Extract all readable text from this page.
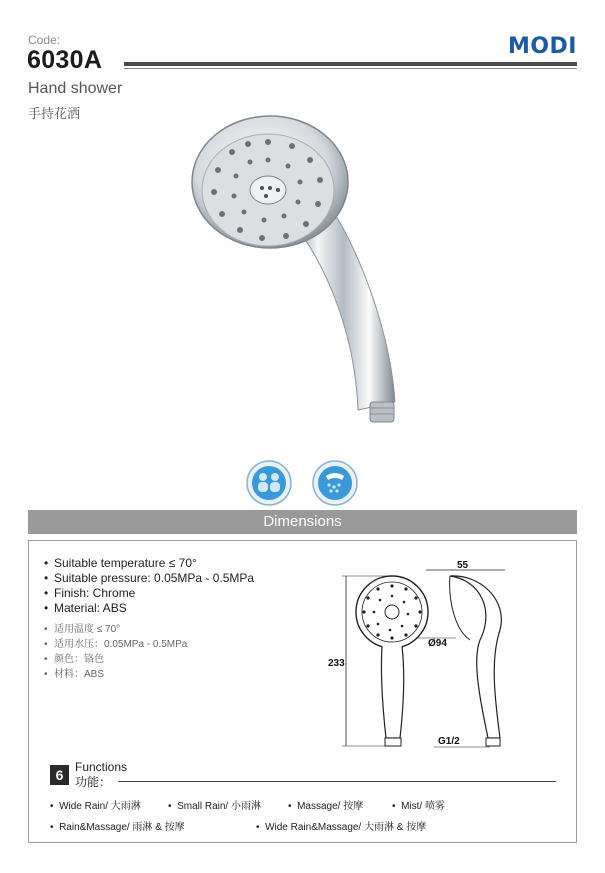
Code:
6030A	MODI
Hand shower
手持花洒
Dimensions
• Suitable temperature ≤ 70°
• Suitable pressure: 0.05MPa - 0.5MPa
• Finish: Chrome
• Material: ABS
• 适用温度 ≤ 70°
• 适用水压：0.05MPa - 0.5MPa
• 颜色：铬色
• 材料：ABS
233
55
Ø94
G1/2
6 Functions
功能：
•  Wide Rain/ 大雨淋	•  Small Rain/ 小雨淋	•  Massage/ 按摩	•  Mist/ 喷雾
•  Rain&Massage/ 雨淋 & 按摩	•  Wide Rain&Massage/ 大雨淋 & 按摩
